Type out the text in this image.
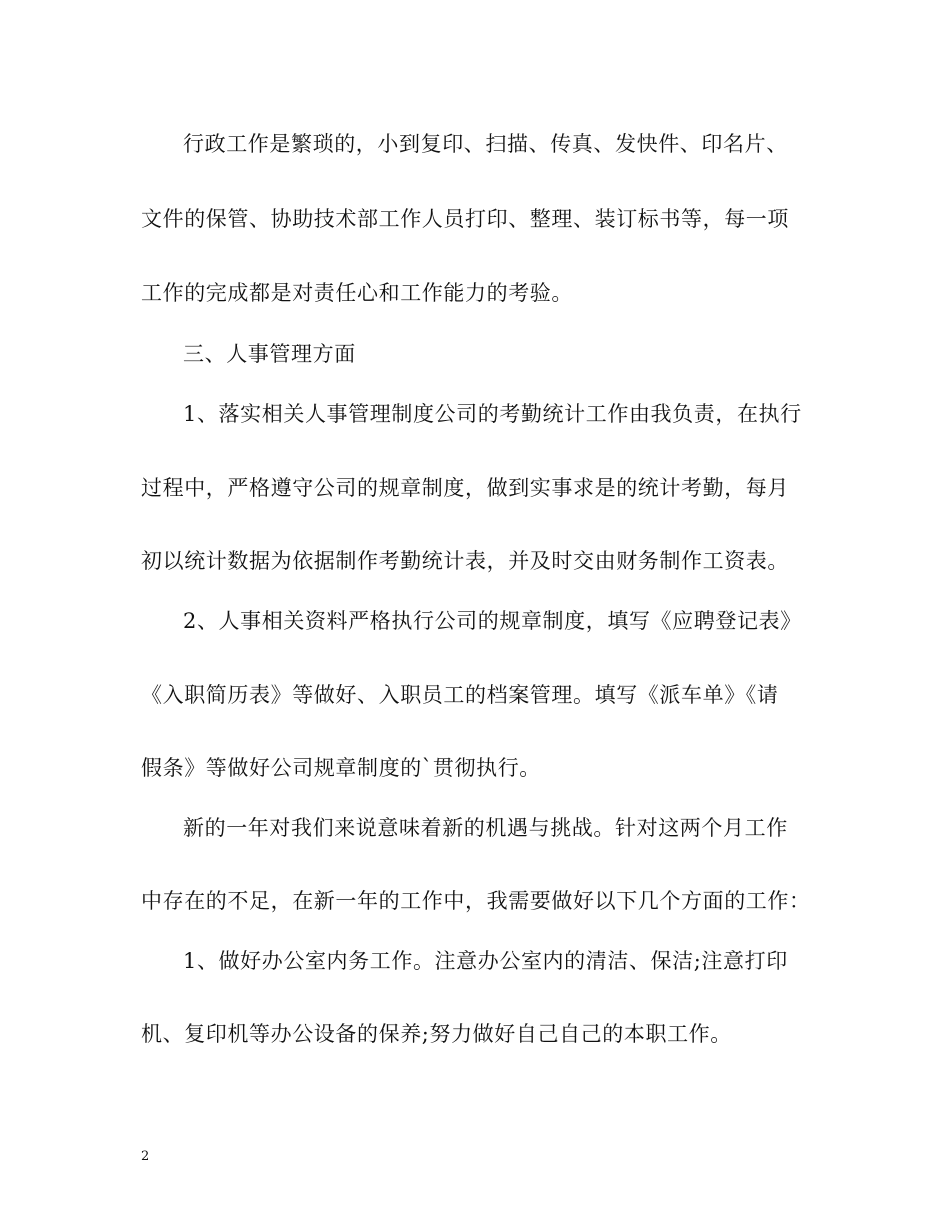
行政工作是繁琐的，小到复印、扫描、传真、发快件、印名片、
文件的保管、协助技术部工作人员打印、整理、装订标书等，每一项
工作的完成都是对责任心和工作能力的考验。
三、人事管理方面
1、落实相关人事管理制度公司的考勤统计工作由我负责，在执行
过程中，严格遵守公司的规章制度，做到实事求是的统计考勤，每月
初以统计数据为依据制作考勤统计表，并及时交由财务制作工资表。
2、人事相关资料严格执行公司的规章制度，填写《应聘登记表》
《入职简历表》等做好、入职员工的档案管理。填写《派车单》《请
假条》等做好公司规章制度的`贯彻执行。
新的一年对我们来说意味着新的机遇与挑战。针对这两个月工作
中存在的不足，在新一年的工作中，我需要做好以下几个方面的工作：
1、做好办公室内务工作。注意办公室内的清洁、保洁;注意打印
机、复印机等办公设备的保养;努力做好自己自己的本职工作。
2
